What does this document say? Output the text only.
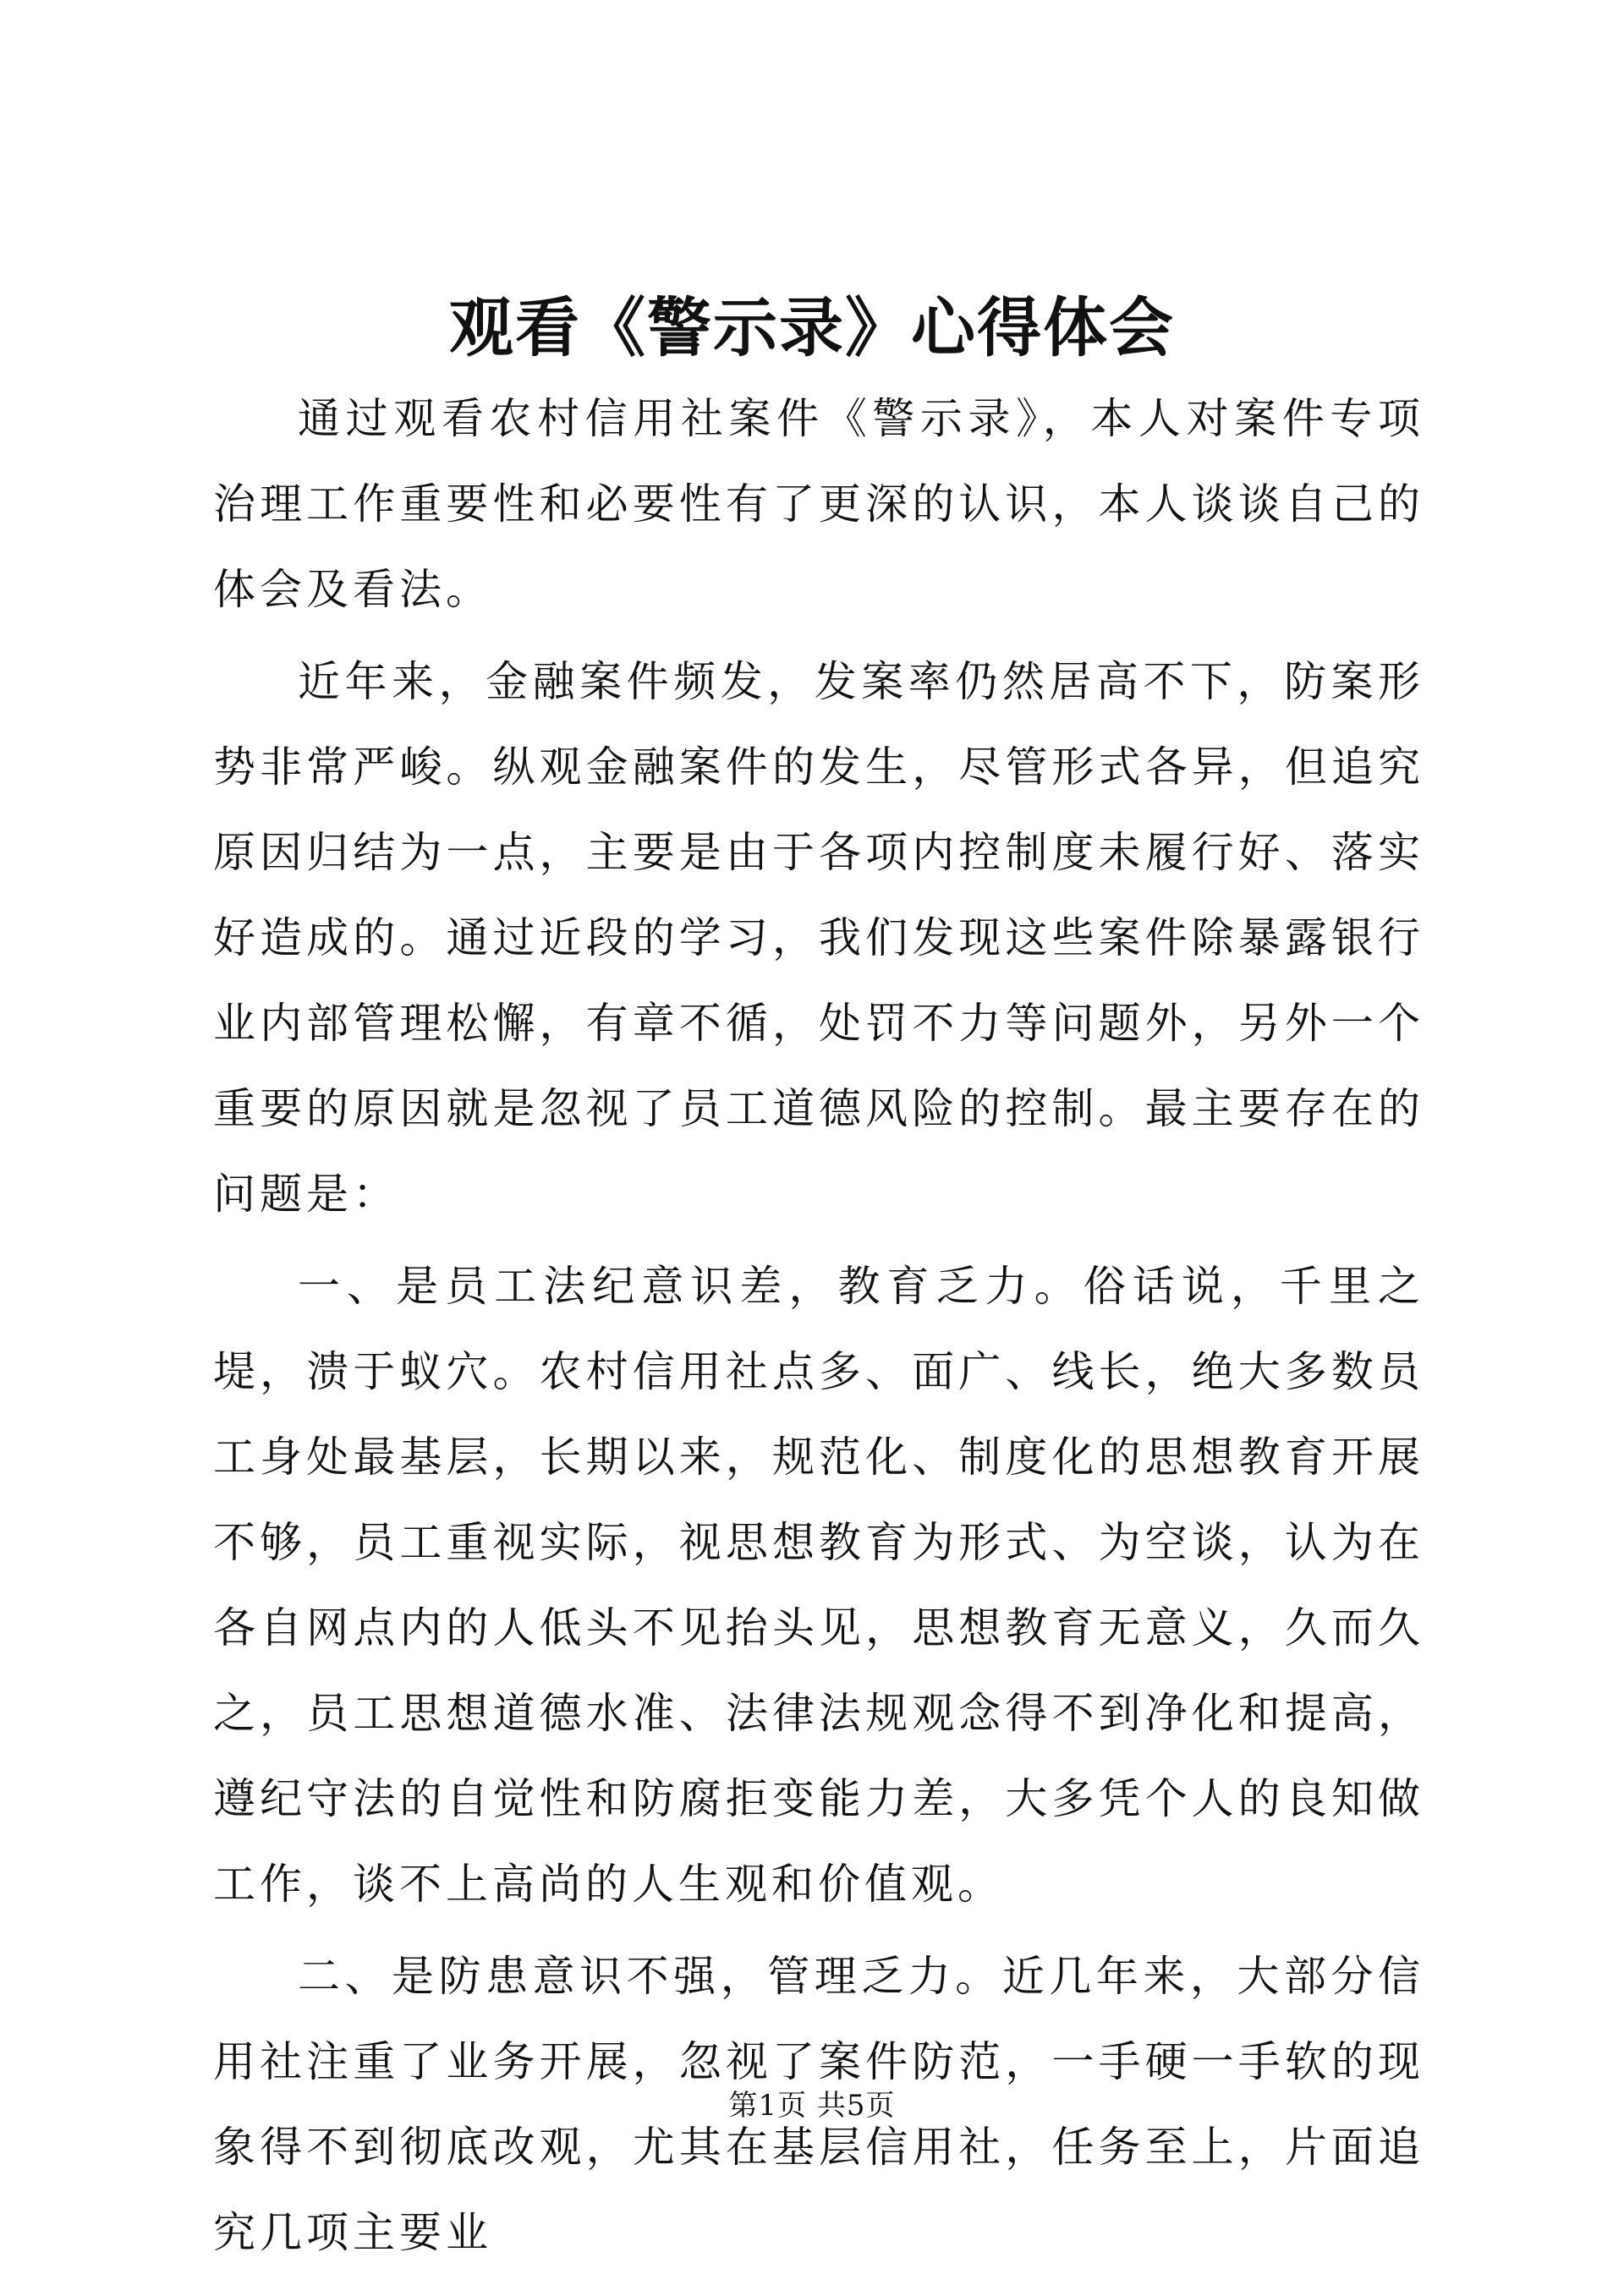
观看《警示录》心得体会

通过观看农村信用社案件《警示录》，本人对案件专项治理工作重要性和必要性有了更深的认识，本人谈谈自己的体会及看法。

近年来，金融案件频发，发案率仍然居高不下，防案形势非常严峻。纵观金融案件的发生，尽管形式各异，但追究原因归结为一点，主要是由于各项内控制度未履行好、落实好造成的。通过近段的学习，我们发现这些案件除暴露银行业内部管理松懈，有章不循，处罚不力等问题外，另外一个重要的原因就是忽视了员工道德风险的控制。最主要存在的问题是：

一、是员工法纪意识差，教育乏力。俗话说，千里之堤，溃于蚁穴。农村信用社点多、面广、线长，绝大多数员工身处最基层，长期以来，规范化、制度化的思想教育开展不够，员工重视实际，视思想教育为形式、为空谈，认为在各自网点内的人低头不见抬头见，思想教育无意义，久而久之，员工思想道德水准、法律法规观念得不到净化和提高，遵纪守法的自觉性和防腐拒变能力差，大多凭个人的良知做工作，谈不上高尚的人生观和价值观。

二、是防患意识不强，管理乏力。近几年来，大部分信用社注重了业务开展，忽视了案件防范，一手硬一手软的现象得不到彻底改观，尤其在基层信用社，任务至上，片面追究几项主要业

第1页 共5页
